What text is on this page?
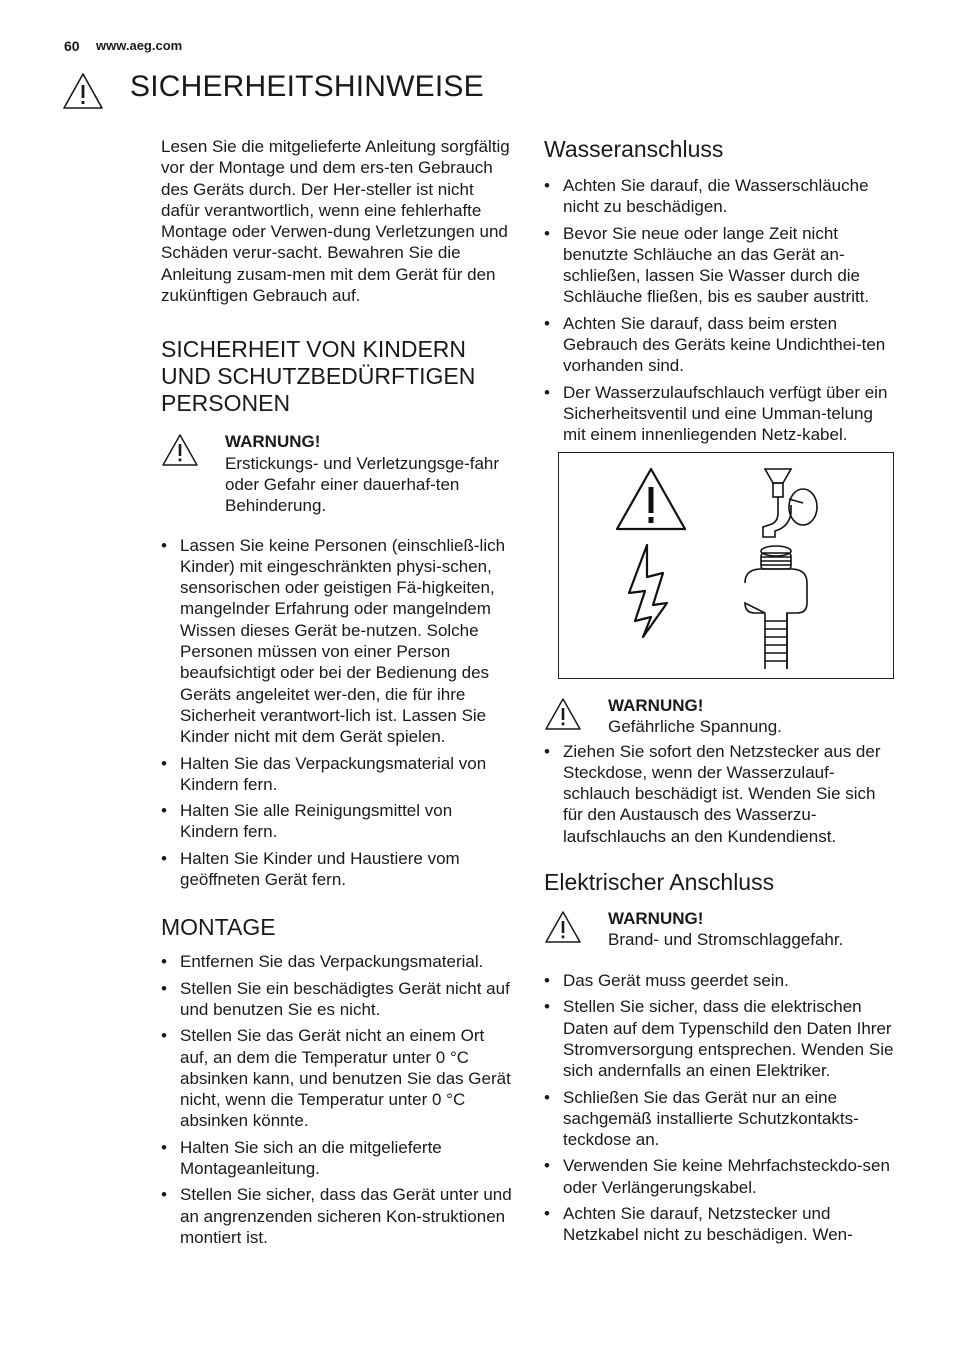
60 www.aeg.com
SICHERHEITSHINWEISE

Lesen Sie die mitgelieferte Anleitung sorgfältig vor der Montage und dem ers-ten Gebrauch des Geräts durch. Der Her-steller ist nicht dafür verantwortlich, wenn eine fehlerhafte Montage oder Verwen-dung Verletzungen und Schäden verur-sacht. Bewahren Sie die Anleitung zusam-men mit dem Gerät für den zukünftigen Gebrauch auf.

SICHERHEIT VON KINDERN
UND SCHUTZBEDÜRFTIGEN
PERSONEN
WARNUNG!
Erstickungs- und Verletzungsge-fahr oder Gefahr einer dauerhaf-ten Behinderung.
• Lassen Sie keine Personen (einschließ-lich Kinder) mit eingeschränkten physi-schen, sensorischen oder geistigen Fä-higkeiten, mangelnder Erfahrung oder mangelndem Wissen dieses Gerät be-nutzen. Solche Personen müssen von einer Person beaufsichtigt oder bei der Bedienung des Geräts angeleitet wer-den, die für ihre Sicherheit verantwort-lich ist. Lassen Sie Kinder nicht mit dem Gerät spielen.
• Halten Sie das Verpackungsmaterial von Kindern fern.
• Halten Sie alle Reinigungsmittel von Kindern fern.
• Halten Sie Kinder und Haustiere vom geöffneten Gerät fern.
MONTAGE
• Entfernen Sie das Verpackungsmaterial.
• Stellen Sie ein beschädigtes Gerät nicht auf und benutzen Sie es nicht.
• Stellen Sie das Gerät nicht an einem Ort auf, an dem die Temperatur unter 0 °C absinken kann, und benutzen Sie das Gerät nicht, wenn die Temperatur unter 0 °C absinken könnte.
• Halten Sie sich an die mitgelieferte Montageanleitung.
• Stellen Sie sicher, dass das Gerät unter und an angrenzenden sicheren Kon-struktionen montiert ist.
Wasseranschluss
• Achten Sie darauf, die Wasserschläuche nicht zu beschädigen.
• Bevor Sie neue oder lange Zeit nicht benutzte Schläuche an das Gerät an-schließen, lassen Sie Wasser durch die Schläuche fließen, bis es sauber austritt.
• Achten Sie darauf, dass beim ersten Gebrauch des Geräts keine Undichthei-ten vorhanden sind.
• Der Wasserzulaufschlauch verfügt über ein Sicherheitsventil und eine Umman-telung mit einem innenliegenden Netz-kabel.
WARNUNG!
Gefährliche Spannung.
• Ziehen Sie sofort den Netzstecker aus der Steckdose, wenn der Wasserzulauf-schlauch beschädigt ist. Wenden Sie sich für den Austausch des Wasserzu-laufschlauchs an den Kundendienst.
Elektrischer Anschluss
WARNUNG!
Brand- und Stromschlaggefahr.
• Das Gerät muss geerdet sein.
• Stellen Sie sicher, dass die elektrischen Daten auf dem Typenschild den Daten Ihrer Stromversorgung entsprechen. Wenden Sie sich andernfalls an einen Elektriker.
• Schließen Sie das Gerät nur an eine sachgemäß installierte Schutzkontakts-teckdose an.
• Verwenden Sie keine Mehrfachsteckdo-sen oder Verlängerungskabel.
• Achten Sie darauf, Netzstecker und Netzkabel nicht zu beschädigen. Wen-
